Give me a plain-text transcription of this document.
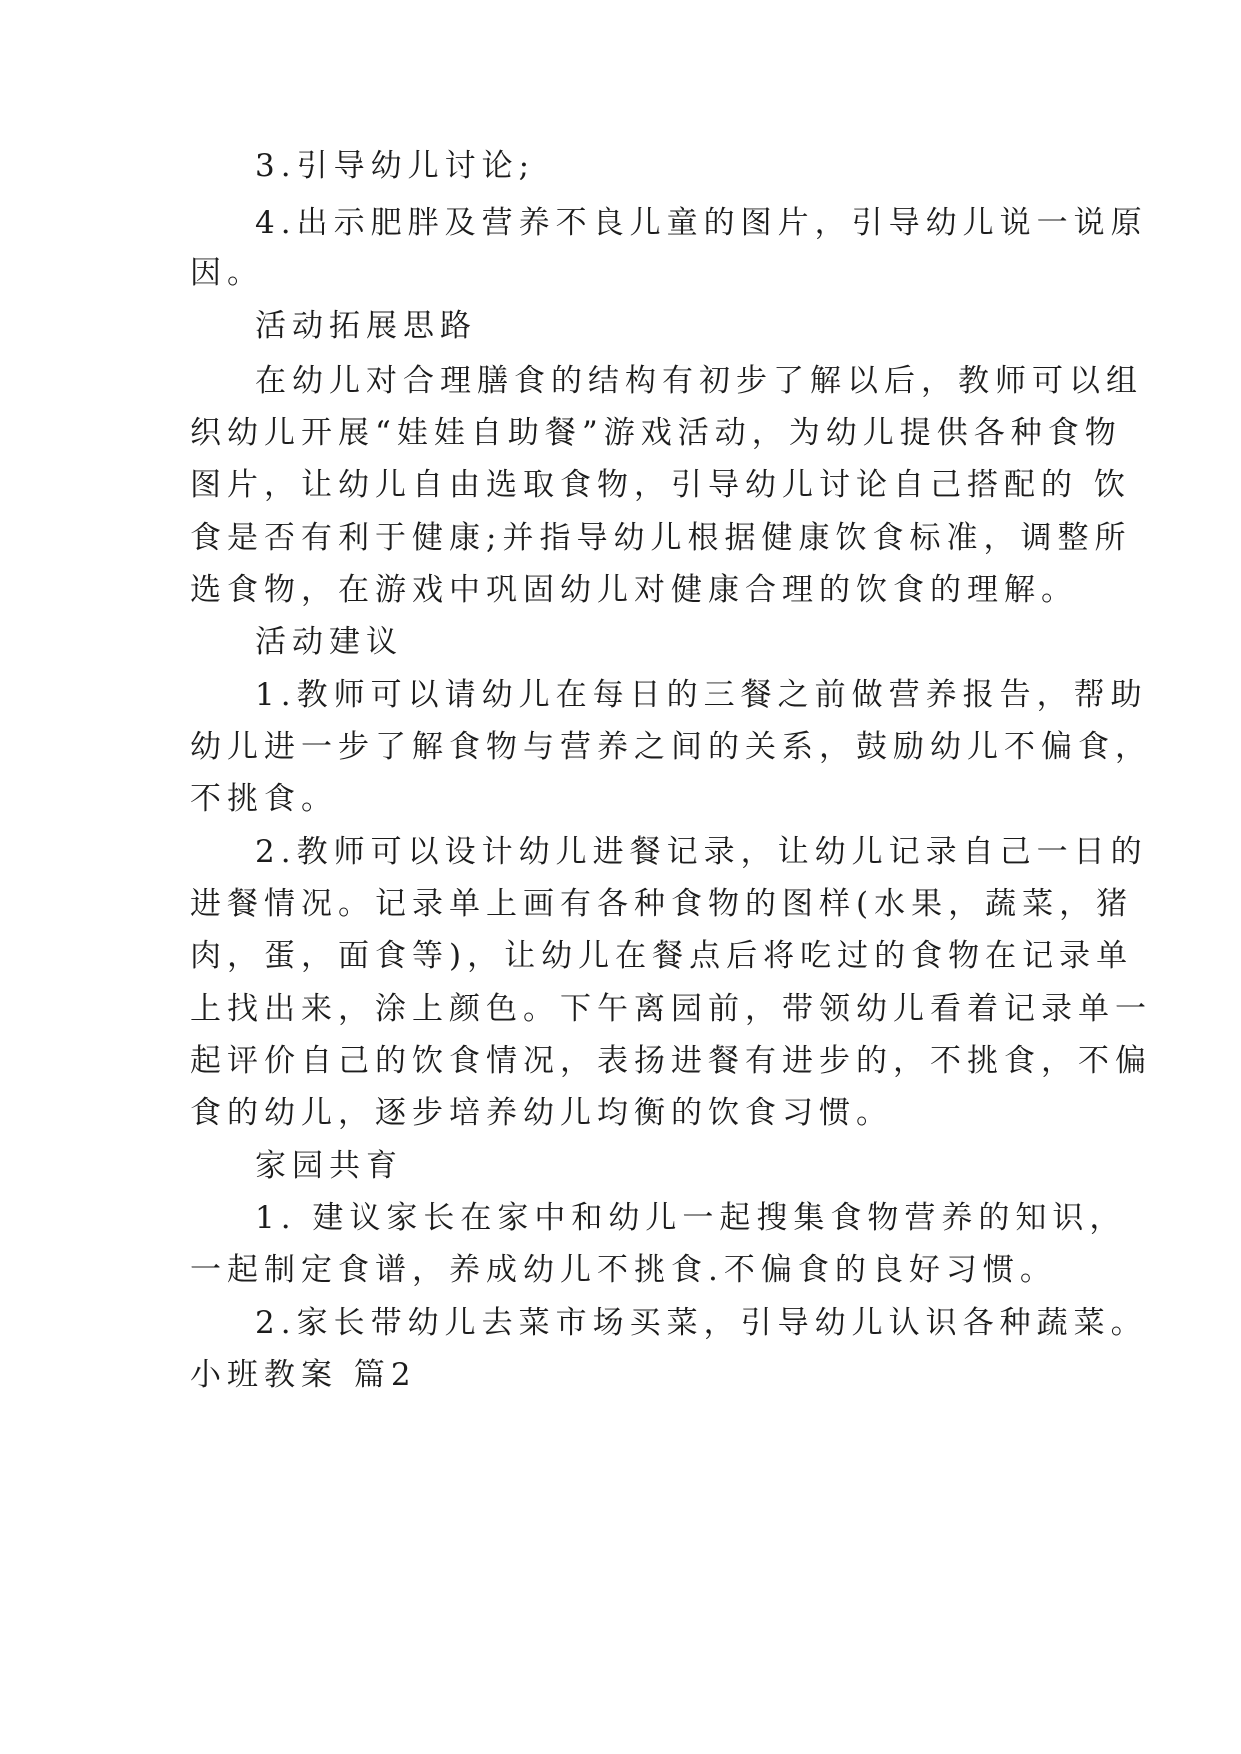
3.引导幼儿讨论;
4.出示肥胖及营养不良儿童的图片，引导幼儿说一说原
因。
活动拓展思路
在幼儿对合理膳食的结构有初步了解以后，教师可以组
织幼儿开展“娃娃自助餐”游戏活动，为幼儿提供各种食物
图片，让幼儿自由选取食物，引导幼儿讨论自己搭配的 饮
食是否有利于健康;并指导幼儿根据健康饮食标准，调整所
选食物，在游戏中巩固幼儿对健康合理的饮食的理解。
活动建议
1.教师可以请幼儿在每日的三餐之前做营养报告，帮助
幼儿进一步了解食物与营养之间的关系，鼓励幼儿不偏食，
不挑食。
2.教师可以设计幼儿进餐记录，让幼儿记录自己一日的
进餐情况。记录单上画有各种食物的图样(水果，蔬菜，猪
肉，蛋，面食等)，让幼儿在餐点后将吃过的食物在记录单
上找出来，涂上颜色。下午离园前，带领幼儿看着记录单一
起评价自己的饮食情况，表扬进餐有进步的，不挑食，不偏
食的幼儿，逐步培养幼儿均衡的饮食习惯。
家园共育
1. 建议家长在家中和幼儿一起搜集食物营养的知识，
一起制定食谱，养成幼儿不挑食.不偏食的良好习惯。
2.家长带幼儿去菜市场买菜，引导幼儿认识各种蔬菜。
小班教案 篇2
